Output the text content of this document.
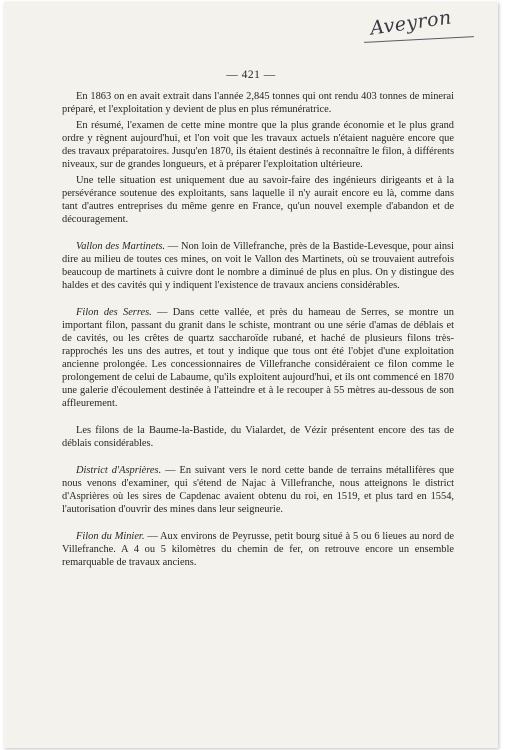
Aveyron
— 421 —

En 1863 on en avait extrait dans l'année 2,845 tonnes qui ont rendu 403 tonnes de minerai préparé, et l'exploitation y devient de plus en plus rémunératrice.

En résumé, l'examen de cette mine montre que la plus grande économie et le plus grand ordre y règnent aujourd'hui, et l'on voit que les travaux actuels n'étaient naguère encore que des travaux préparatoires. Jusqu'en 1870, ils étaient destinés à reconnaître le filon, à différents niveaux, sur de grandes longueurs, et à préparer l'exploitation ultérieure.

Une telle situation est uniquement due au savoir-faire des ingénieurs dirigeants et à la persévérance soutenue des exploitants, sans laquelle il n'y aurait encore eu là, comme dans tant d'autres entreprises du même genre en France, qu'un nouvel exemple d'abandon et de découragement.

Vallon des Martinets. — Non loin de Villefranche, près de la Bastide-Levesque, pour ainsi dire au milieu de toutes ces mines, on voit le Vallon des Martinets, où se trouvaient autrefois beaucoup de martinets à cuivre dont le nombre a diminué de plus en plus. On y distingue des haldes et des cavités qui y indiquent l'existence de travaux anciens considérables.

Filon des Serres. — Dans cette vallée, et près du hameau de Serres, se montre un important filon, passant du granit dans le schiste, montrant ou une série d'amas de déblais et de cavités, ou les crêtes de quartz saccharoïde rubané, et haché de plusieurs filons très-rapprochés les uns des autres, et tout y indique que tous ont été l'objet d'une exploitation ancienne prolongée. Les concessionnaires de Villefranche considéraient ce filon comme le prolongement de celui de Labaume, qu'ils exploitent aujourd'hui, et ils ont commencé en 1870 une galerie d'écoulement destinée à l'atteindre et à le recouper à 55 mètres au-dessous de son affleurement.

Les filons de la Baume-la-Bastide, du Vialardet, de Vézir présentent encore des tas de déblais considérables.

District d'Asprières. — En suivant vers le nord cette bande de terrains métallifères que nous venons d'examiner, qui s'étend de Najac à Villefranche, nous atteignons le district d'Asprières où les sires de Capdenac avaient obtenu du roi, en 1519, et plus tard en 1554, l'autorisation d'ouvrir des mines dans leur seigneurie.

Filon du Minier. — Aux environs de Peyrusse, petit bourg situé à 5 ou 6 lieues au nord de Villefranche. A 4 ou 5 kilomètres du chemin de fer, on retrouve encore un ensemble remarquable de travaux anciens.
